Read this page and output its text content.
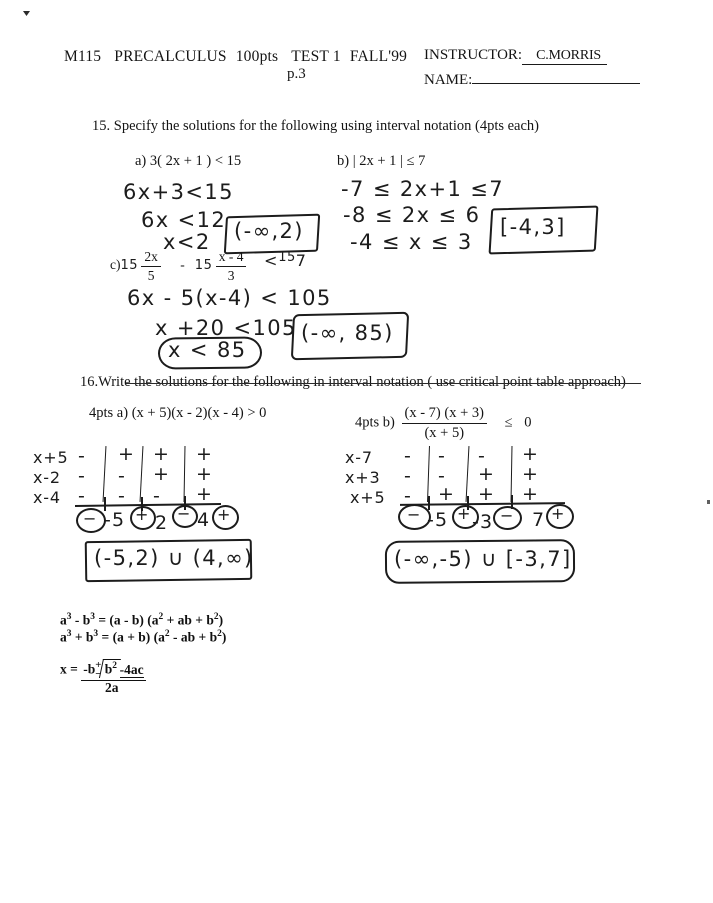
M115 PRECALCULUS 100pts TEST 1 FALL'99
p.3
INSTRUCTOR: C.MORRIS
NAME:
15. Specify the solutions for the following using interval notation (4pts each)
a) 3( 2x + 1 ) < 15
6x+3<15
6x <12
x<2 (-∞,2)
b) | 2x + 1 | ≤ 7
-7 ≤ 2x+1 ≤7
-8 ≤ 2x ≤ 6
-4 ≤ x ≤ 3
[-4,3]
$c)15 \frac{2x}{5} - 15 \frac{x - 4}{3} <^{15}7$
6x - 5(x-4) < 105
x +20 <105
x < 85
(-∞, 85)
16.Write the solutions for the following in interval notation ( use critical point table approach)
4pts a) (x + 5)(x - 2)(x - 4) > 0
4pts $b) \frac{(x - 7) (x + 3)}{(x + 5)} \le 0$
x+5
x-2
x-4
- + + +
- - + +
- - - +
− -5 + 2 − 4 +
(-5,2) ∪ (4,∞)
x-7
x+3
x+5
- - - +
- - + +
- + + +
− -5 + -3 − 7 +
(-∞,-5) ∪ [-3,7]
$a^3 - b^3 = (a - b) (a^2$ + ab + $b^2$)
$a^3 + b^3 = (a + b)$ ($a^2$ - ab + $b^2$)
x = -b+
− $b^2$ -4ac
2a
